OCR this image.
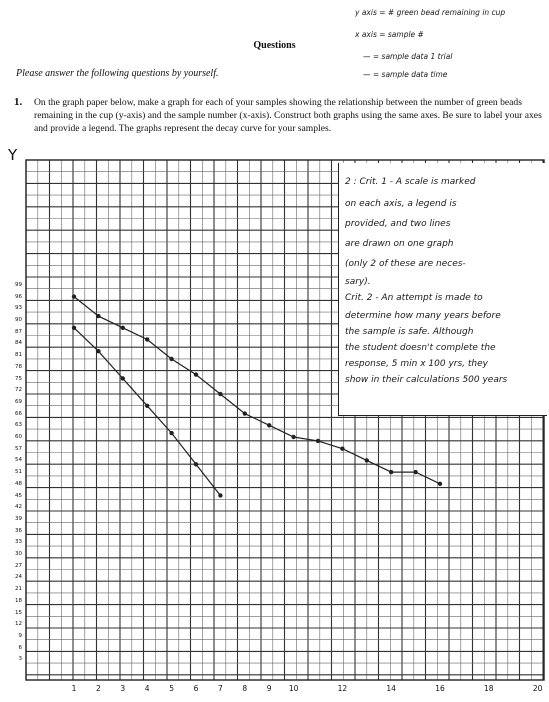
Questions
Please answer the following questions by yourself.
1. On the graph paper below, make a graph for each of your samples showing the relationship between the number of green beads remaining in the cup (y-axis) and the sample number (x-axis). Construct both graphs using the same axes. Be sure to label your axes and provide a legend. The graphs represent the decay curve for your samples.
y axis = # green bead remaining in cup
x axis = sample #
— = sample data 1 trial
— = sample data time
Y
3
6
9
12
15
18
21
24
27
30
33
36
39
42
45
48
51
54
57
60
63
66
69
72
75
78
81
84
87
90
93
96
99
1	2	3	4	5	6	7	8	9 10	12	14	16	18	20
2 : Crit. 1 - A scale is marked
on each axis, a legend is
provided, and two lines
are drawn on one graph
(only 2 of these are neces-
sary).
Crit. 2 - An attempt is made to
determine how many years before
the sample is safe. Although
the student doesn't complete the
response, 5 min x 100 yrs, they
show in their calculations 500 years
